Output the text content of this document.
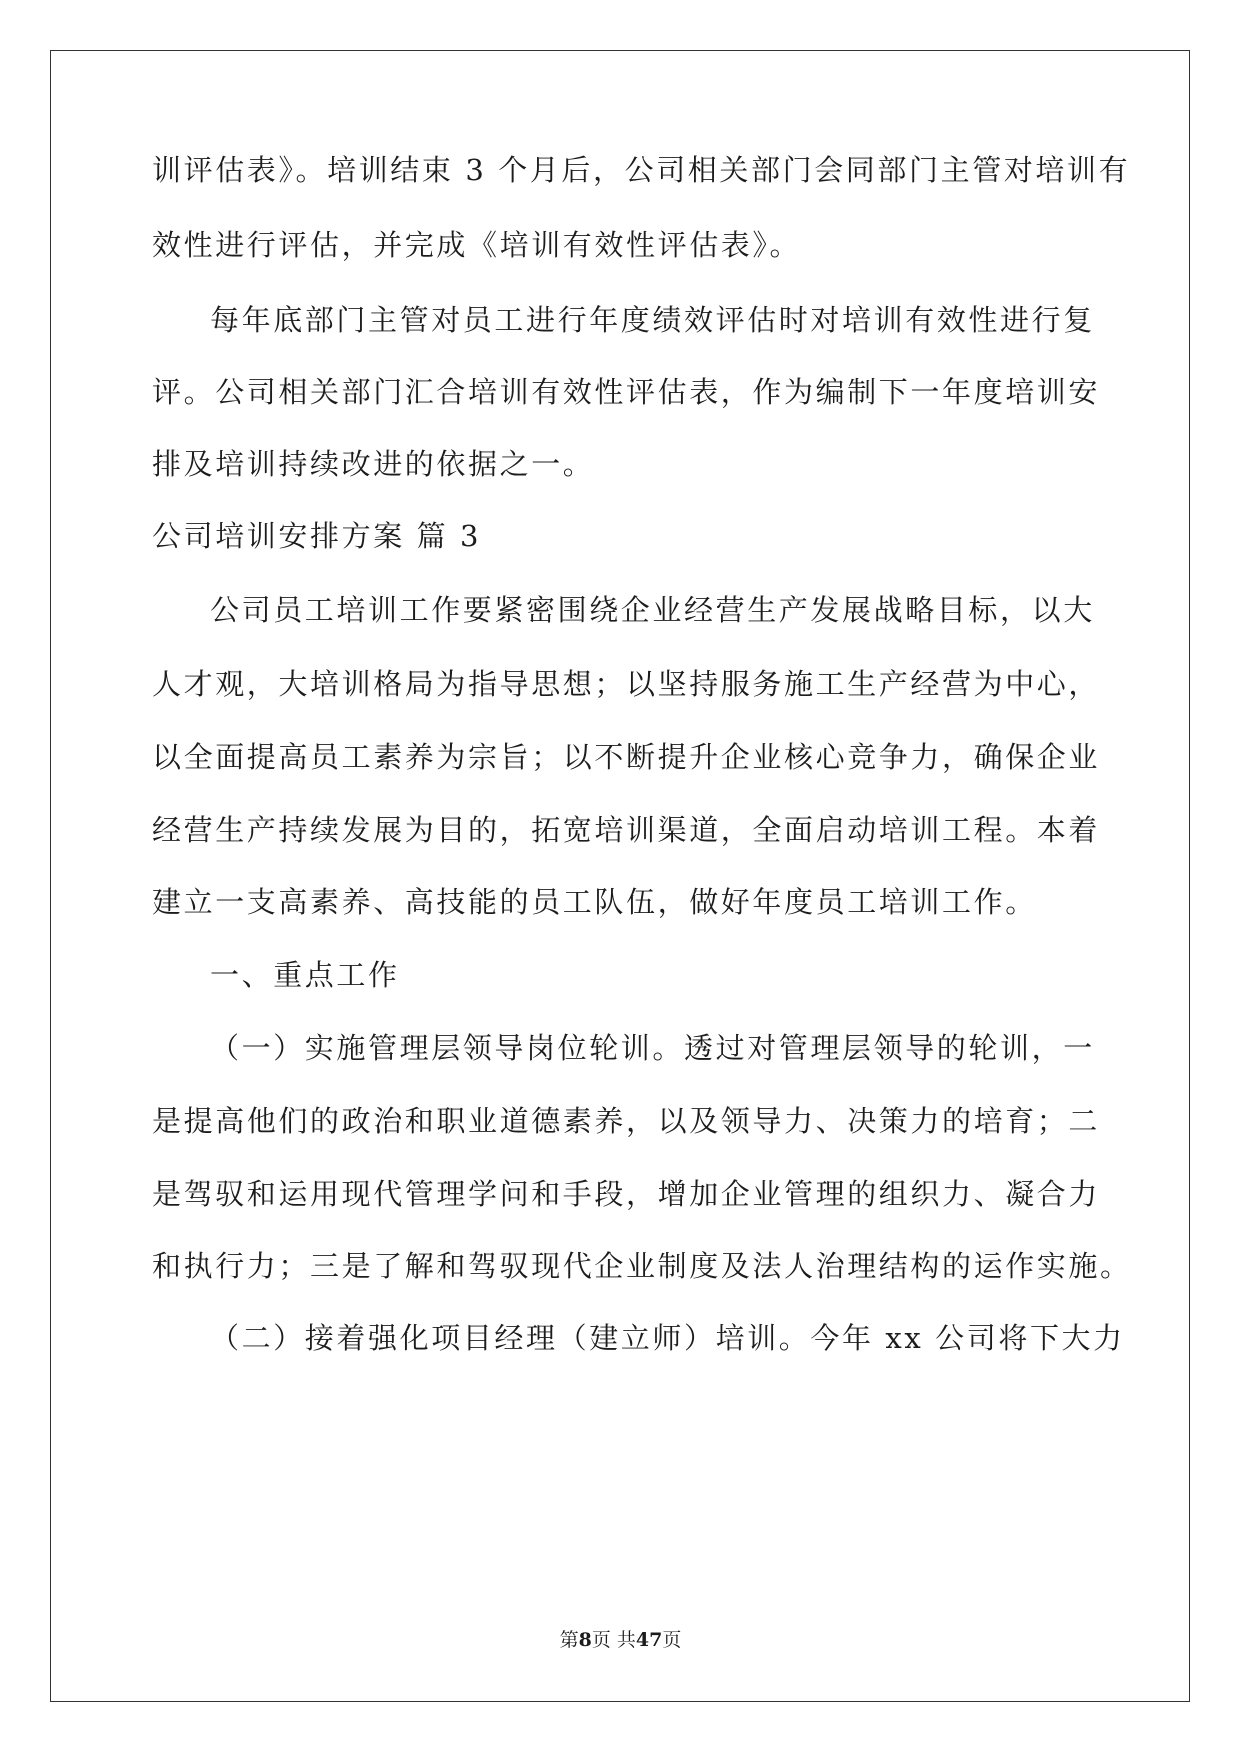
训评估表》。培训结束 3 个月后，公司相关部门会同部门主管对培训有
效性进行评估，并完成《培训有效性评估表》。
每年底部门主管对员工进行年度绩效评估时对培训有效性进行复
评。公司相关部门汇合培训有效性评估表，作为编制下一年度培训安
排及培训持续改进的依据之一。
公司培训安排方案 篇 3
公司员工培训工作要紧密围绕企业经营生产发展战略目标，以大
人才观，大培训格局为指导思想；以坚持服务施工生产经营为中心，
以全面提高员工素养为宗旨；以不断提升企业核心竞争力，确保企业
经营生产持续发展为目的，拓宽培训渠道，全面启动培训工程。本着
建立一支高素养、高技能的员工队伍，做好年度员工培训工作。
一、重点工作
（一）实施管理层领导岗位轮训。透过对管理层领导的轮训，一
是提高他们的政治和职业道德素养，以及领导力、决策力的培育；二
是驾驭和运用现代管理学问和手段，增加企业管理的组织力、凝合力
和执行力；三是了解和驾驭现代企业制度及法人治理结构的运作实施。
（二）接着强化项目经理（建立师）培训。今年 xx 公司将下大力
第8页 共47页
